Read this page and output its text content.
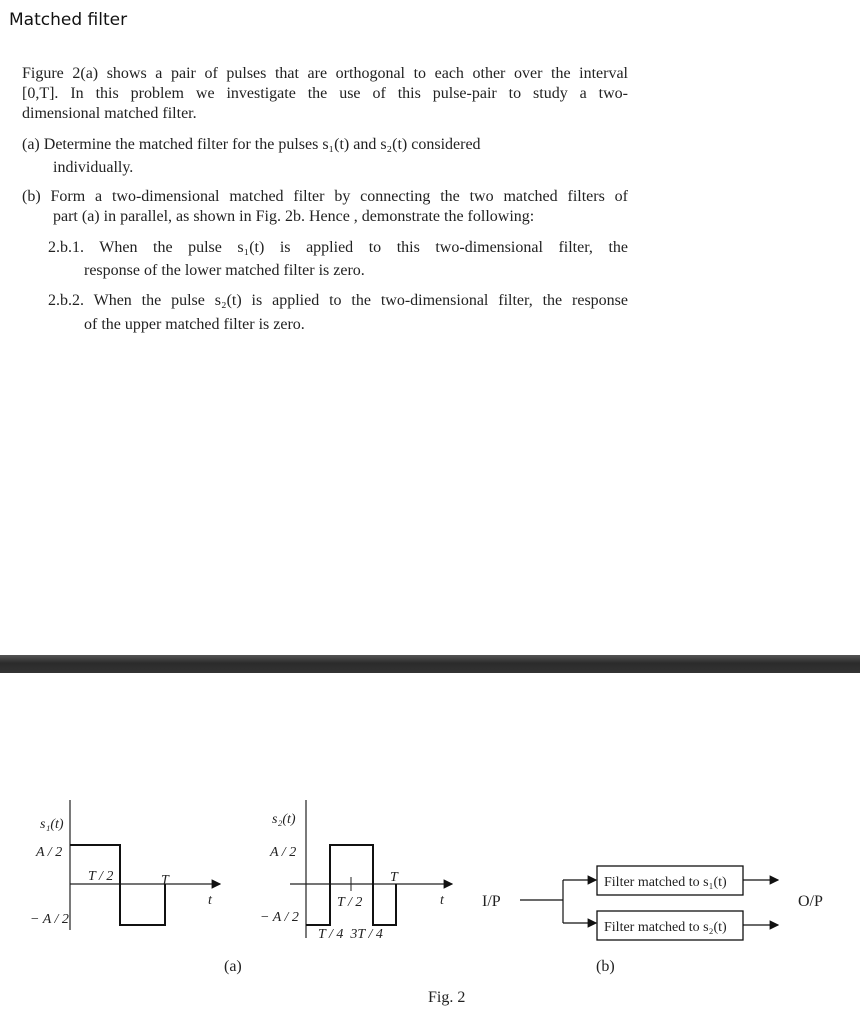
Matched filter
Figure 2(a) shows a pair of pulses that are orthogonal to each other over the interval
[0,T]. In this problem we investigate the use of this pulse-pair to study a two-
dimensional matched filter.
(a) Determine the matched filter for the pulses s₁(t) and s₂(t) considered
individually.
(b) Form a two-dimensional matched filter by connecting the two matched filters of
part (a) in parallel, as shown in Fig. 2b. Hence , demonstrate the following:
2.b.1. When the pulse s₁(t) is applied to this two-dimensional filter, the
response of the lower matched filter is zero.
2.b.2. When the pulse s₂(t) is applied to the two-dimensional filter, the response
of the upper matched filter is zero.
s₁(t)
A / 2
− A / 2
T / 2	T
t
s₂(t)
A / 2
− A / 2
T / 2
T
T / 4  3T / 4
t
(a)
I/P
Filter matched to s₁(t)
Filter matched to s₂(t)
O/P
(b)
Fig. 2
